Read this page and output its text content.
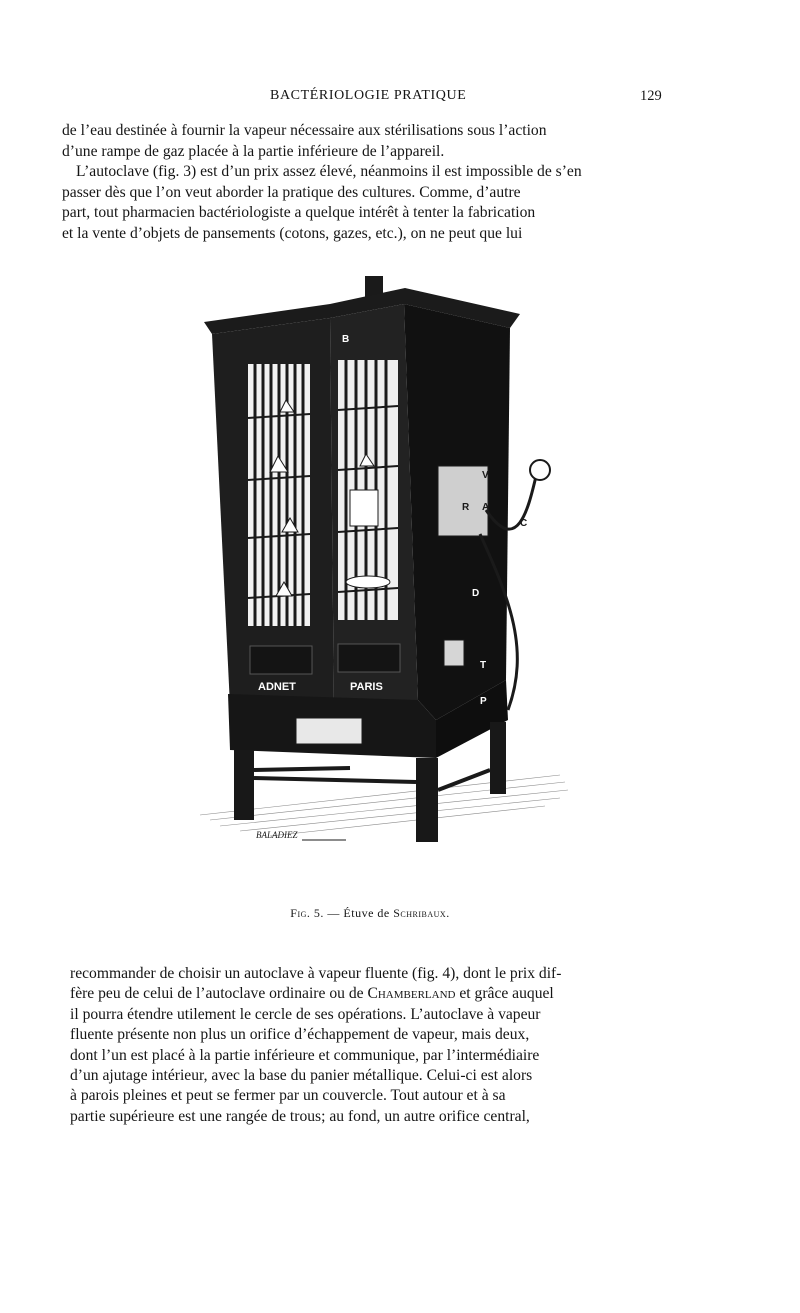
BACTÉRIOLOGIE PRATIQUE	129
de l’eau destinée à fournir la vapeur nécessaire aux stérilisations sous l’action
d’une rampe de gaz placée à la partie inférieure de l’appareil.
L’autoclave (fig. 3) est d’un prix assez élevé, néanmoins il est impossible de s’en
passer dès que l’on veut aborder la pratique des cultures. Comme, d’autre
part, tout pharmacien bactériologiste a quelque intérêt à tenter la fabrication
et la vente d’objets de pansements (cotons, gazes, etc.), on ne peut que lui
ADNET	PARIS
B
V
R A
C
D
T
P
BALADIEZ
Fig. 5. — Étuve de Schribaux.
recommander de choisir un autoclave à vapeur fluente (fig. 4), dont le prix dif-
fère peu de celui de l’autoclave ordinaire ou de Chamberland et grâce auquel
il pourra étendre utilement le cercle de ses opérations. L’autoclave à vapeur
fluente présente non plus un orifice d’échappement de vapeur, mais deux,
dont l’un est placé à la partie inférieure et communique, par l’intermédiaire
d’un ajutage intérieur, avec la base du panier métallique. Celui-ci est alors
à parois pleines et peut se fermer par un couvercle. Tout autour et à sa
partie supérieure est une rangée de trous; au fond, un autre orifice central,
